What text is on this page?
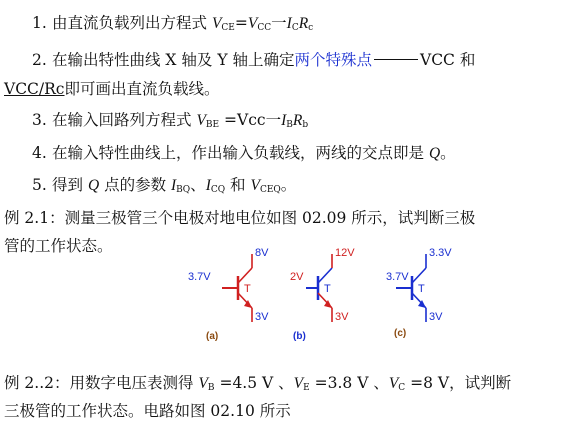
1. 由直流负载列出方程式 $V_{CE}=V_{CC}$一$I_CR_c$
2. 在输出特性曲线 X 轴及 Y 轴上确定两个特殊点	VCC 和
VCC/Rc即可画出直流负载线。
3. 在输入回路列方程式 $V_{BE} =Vcc$一$I_BR_b$
4. 在输入特性曲线上，作出输入负载线，两线的交点即是 Q。
5. 得到 Q 点的参数 $I_{BQ}$、$I_{CQ}$ 和 $V_{CEQ}$。
例 2.1：测量三极管三个电极对地电位如图 02.09 所示，试判断三极
管的工作状态。
3.7V
8V
3V
T
(a)
2V
12V
3V
T
(b)
3.7V
3.3V
3V
T
(c)
例 2..2：用数字电压表测得 $V_B =4.5$ V 、$V_E =3.8$ V 、$V_C =8$ V，试判断
三极管的工作状态。电路如图 02.10 所示
